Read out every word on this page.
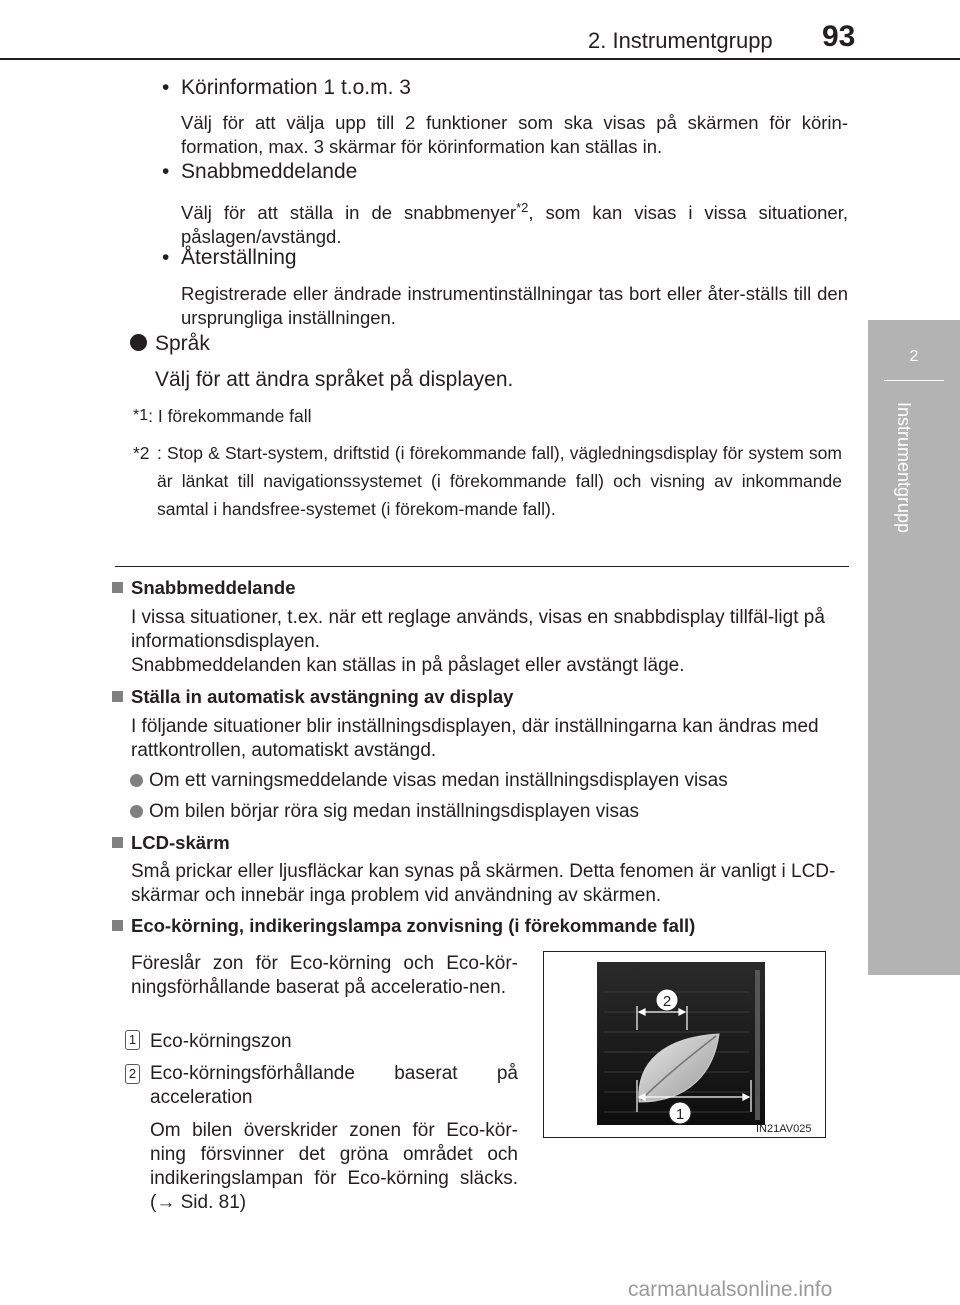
2. Instrumentgrupp 93
2
Instrumentgrupp
•  Körinformation 1 t.o.m. 3
Välj för att välja upp till 2 funktioner som ska visas på skärmen för körin-formation, max. 3 skärmar för körinformation kan ställas in.
•  Snabbmeddelande
Välj för att ställa in de snabbmenyer$^{*2}$, som kan visas i vissa situationer, påslagen/avstängd.
•  Återställning
Registrerade eller ändrade instrumentinställningar tas bort eller åter-ställs till den ursprungliga inställningen.
Språk
Välj för att ändra språket på displayen.
*1: I förekommande fall
*2 : Stop & Start-system, driftstid (i förekommande fall), vägledningsdisplay för system som är länkat till navigationssystemet (i förekommande fall) och visning av inkommande samtal i handsfree-systemet (i förekom-mande fall).
Snabbmeddelande
I vissa situationer, t.ex. när ett reglage används, visas en snabbdisplay tillfäl-ligt på informationsdisplayen.
Snabbmeddelanden kan ställas in på påslaget eller avstängt läge.
Ställa in automatisk avstängning av display
I följande situationer blir inställningsdisplayen, där inställningarna kan ändras med rattkontrollen, automatiskt avstängd.
Om ett varningsmeddelande visas medan inställningsdisplayen visas
Om bilen börjar röra sig medan inställningsdisplayen visas
LCD-skärm
Små prickar eller ljusfläckar kan synas på skärmen. Detta fenomen är vanligt i LCD-skärmar och innebär inga problem vid användning av skärmen.
Eco-körning, indikeringslampa zonvisning (i förekommande fall)
Föreslår zon för Eco-körning och Eco-kör-ningsförhållande baserat på acceleratio-nen.
1 Eco-körningszon
2 Eco-körningsförhållande baserat på acceleration
Om bilen överskrider zonen för Eco-kör-ning försvinner det gröna området och indikeringslampan för Eco-körning släcks. (→ Sid. 81)
2
1
IN21AV025
carmanualsonline.info
